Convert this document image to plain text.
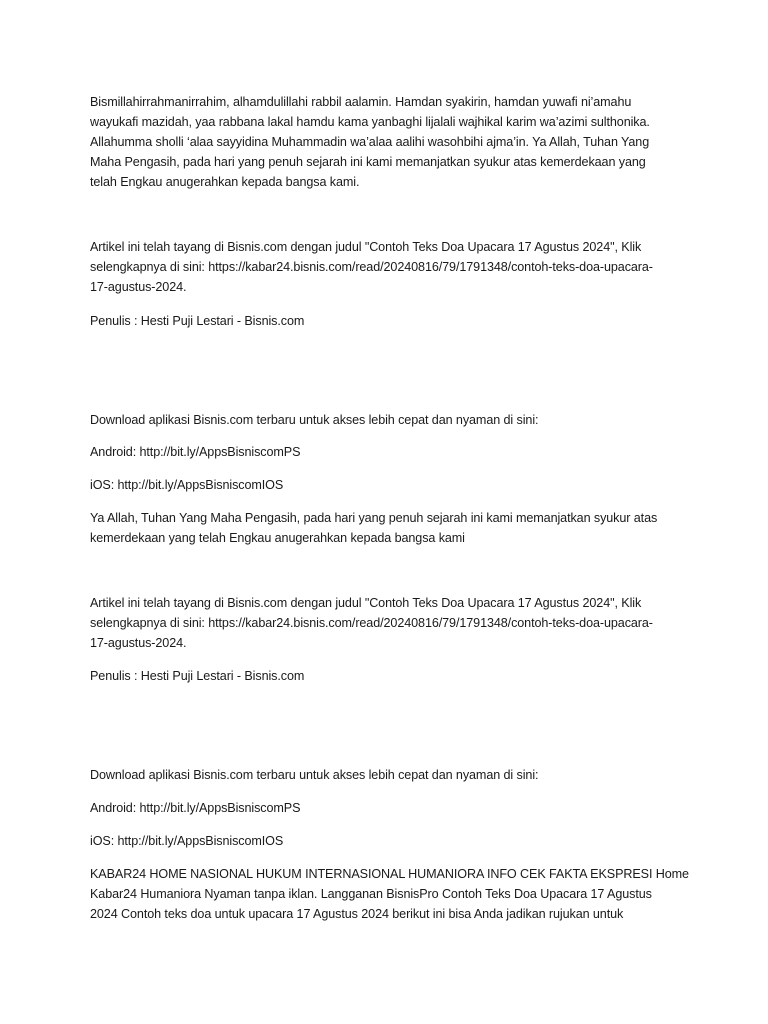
Bismillahirrahmanirrahim, alhamdulillahi rabbil aalamin. Hamdan syakirin, hamdan yuwafi ni’amahu
wayukafi mazidah, yaa rabbana lakal hamdu kama yanbaghi lijalali wajhikal karim wa’azimi sulthonika.
Allahumma sholli ‘alaa sayyidina Muhammadin wa’alaa aalihi wasohbihi ajma’in. Ya Allah, Tuhan Yang
Maha Pengasih, pada hari yang penuh sejarah ini kami memanjatkan syukur atas kemerdekaan yang
telah Engkau anugerahkan kepada bangsa kami.
Artikel ini telah tayang di Bisnis.com dengan judul "Contoh Teks Doa Upacara 17 Agustus 2024", Klik
selengkapnya di sini: https://kabar24.bisnis.com/read/20240816/79/1791348/contoh-teks-doa-upacara-
17-agustus-2024.
Penulis : Hesti Puji Lestari - Bisnis.com
Download aplikasi Bisnis.com terbaru untuk akses lebih cepat dan nyaman di sini:
Android: http://bit.ly/AppsBisniscomPS
iOS: http://bit.ly/AppsBisniscomIOS
Ya Allah, Tuhan Yang Maha Pengasih, pada hari yang penuh sejarah ini kami memanjatkan syukur atas
kemerdekaan yang telah Engkau anugerahkan kepada bangsa kami
Artikel ini telah tayang di Bisnis.com dengan judul "Contoh Teks Doa Upacara 17 Agustus 2024", Klik
selengkapnya di sini: https://kabar24.bisnis.com/read/20240816/79/1791348/contoh-teks-doa-upacara-
17-agustus-2024.
Penulis : Hesti Puji Lestari - Bisnis.com
Download aplikasi Bisnis.com terbaru untuk akses lebih cepat dan nyaman di sini:
Android: http://bit.ly/AppsBisniscomPS
iOS: http://bit.ly/AppsBisniscomIOS
KABAR24 HOME NASIONAL HUKUM INTERNASIONAL HUMANIORA INFO CEK FAKTA EKSPRESI Home
Kabar24 Humaniora Nyaman tanpa iklan. Langganan BisnisPro Contoh Teks Doa Upacara 17 Agustus
2024 Contoh teks doa untuk upacara 17 Agustus 2024 berikut ini bisa Anda jadikan rujukan untuk
